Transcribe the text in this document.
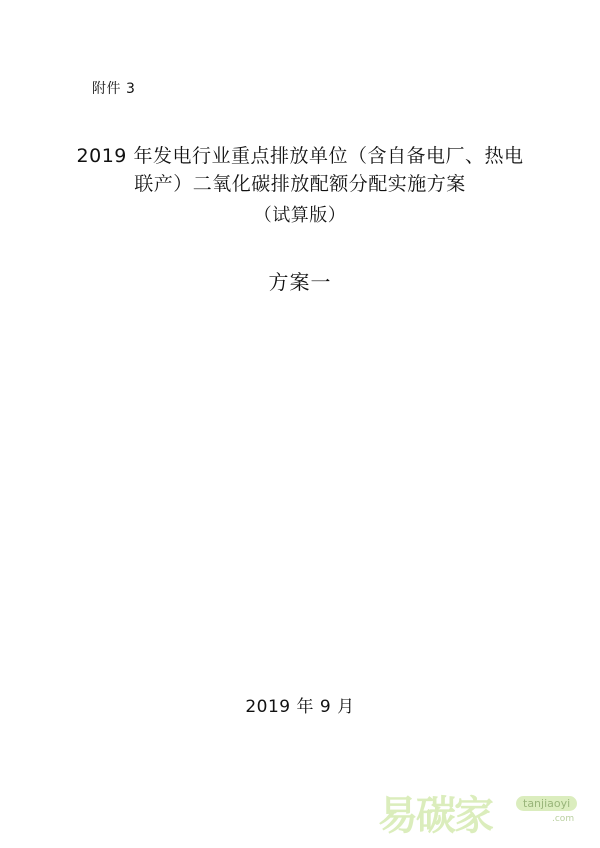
附件 3
2019 年发电行业重点排放单位（含自备电厂、热电
联产）二氧化碳排放配额分配实施方案
（试算版）
方案一
2019 年 9 月
易碳家	tanjiaoyi
.com
